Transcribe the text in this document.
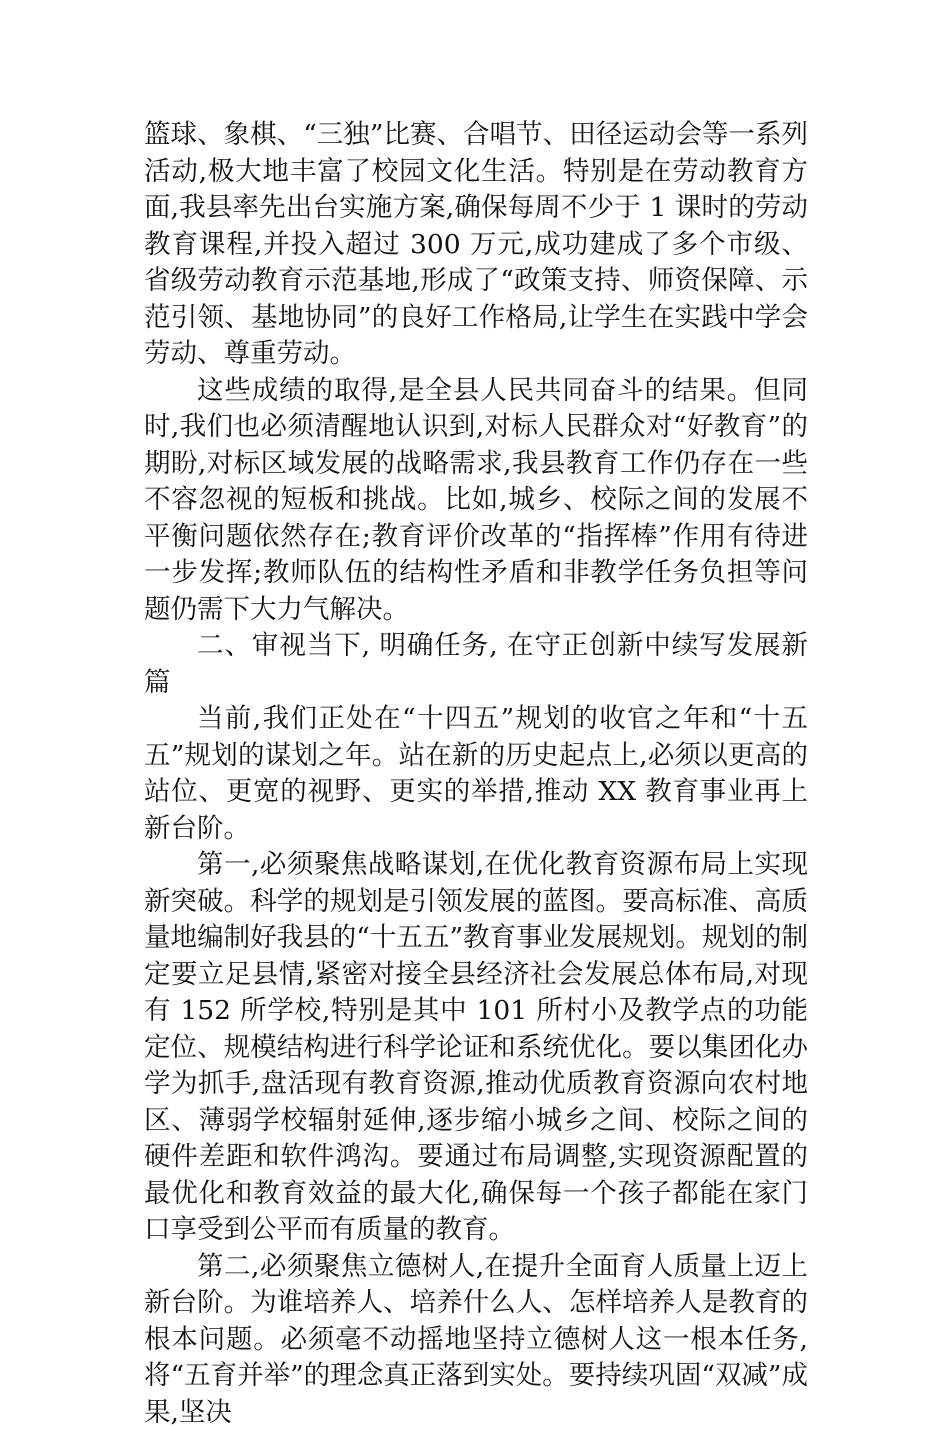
篮球、象棋、“三独”比赛、合唱节、田径运动会等一系列活动,极大地丰富了校园文化生活。特别是在劳动教育方面,我县率先出台实施方案,确保每周不少于 1 课时的劳动教育课程,并投入超过 300 万元,成功建成了多个市级、省级劳动教育示范基地,形成了“政策支持、师资保障、示范引领、基地协同”的良好工作格局,让学生在实践中学会劳动、尊重劳动。

这些成绩的取得,是全县人民共同奋斗的结果。但同时,我们也必须清醒地认识到,对标人民群众对“好教育”的期盼,对标区域发展的战略需求,我县教育工作仍存在一些不容忽视的短板和挑战。比如,城乡、校际之间的发展不平衡问题依然存在;教育评价改革的“指挥棒”作用有待进一步发挥;教师队伍的结构性矛盾和非教学任务负担等问题仍需下大力气解决。

二、审视当下, 明确任务, 在守正创新中续写发展新篇

当前,我们正处在“十四五”规划的收官之年和“十五五”规划的谋划之年。站在新的历史起点上,必须以更高的站位、更宽的视野、更实的举措,推动 XX 教育事业再上新台阶。

第一,必须聚焦战略谋划,在优化教育资源布局上实现新突破。科学的规划是引领发展的蓝图。要高标准、高质量地编制好我县的“十五五”教育事业发展规划。规划的制定要立足县情,紧密对接全县经济社会发展总体布局,对现有 152 所学校,特别是其中 101 所村小及教学点的功能定位、规模结构进行科学论证和系统优化。要以集团化办学为抓手,盘活现有教育资源,推动优质教育资源向农村地区、薄弱学校辐射延伸,逐步缩小城乡之间、校际之间的硬件差距和软件鸿沟。要通过布局调整,实现资源配置的最优化和教育效益的最大化,确保每一个孩子都能在家门口享受到公平而有质量的教育。

第二,必须聚焦立德树人,在提升全面育人质量上迈上新台阶。为谁培养人、培养什么人、怎样培养人是教育的根本问题。必须毫不动摇地坚持立德树人这一根本任务,将“五育并举”的理念真正落到实处。要持续巩固“双减”成果,坚决
